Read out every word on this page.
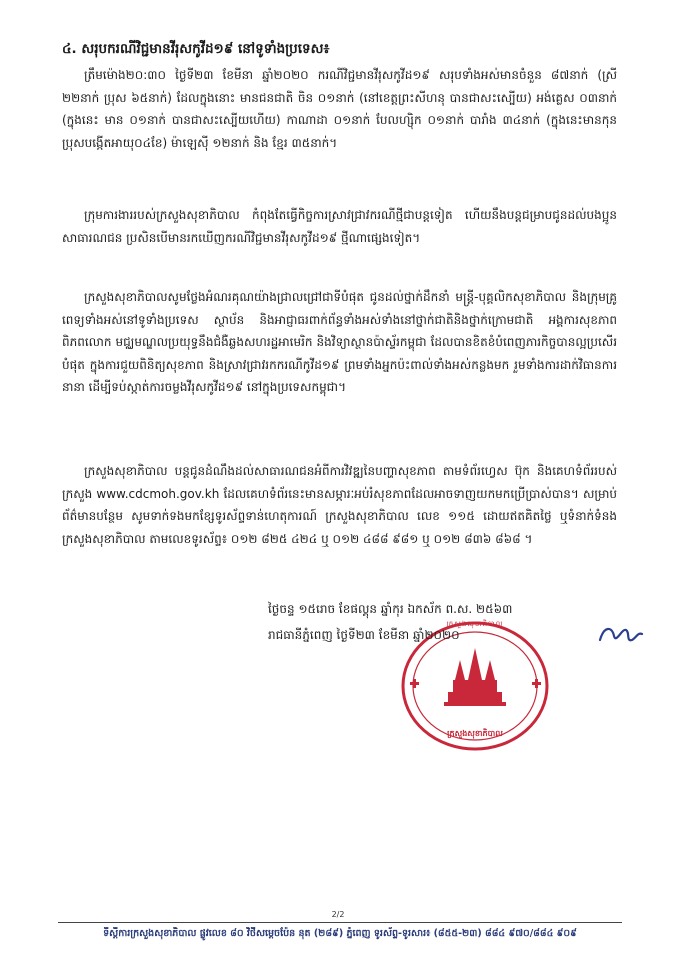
៤. សរុបករណីវិជ្ជមានវីរុសកូវីដ១៩ នៅទូទាំងប្រទេស៖

ត្រឹមម៉ោង២០:៣០ ថ្ងៃទី២៣ ខែមីនា ឆ្នាំ២០២០ ករណីវិជ្ជមានវីរុសកូវីដ១៩ សរុបទាំងអស់មានចំនួន ៨៧នាក់ (ស្រី ២២នាក់ ប្រុស ៦៥នាក់) ដែលក្នុងនោះ មានជនជាតិ ចិន ០១នាក់ (នៅខេត្តព្រះសីហនុ បានជាសះស្បើយ) អង់គ្លេស ០៣នាក់ (ក្នុងនេះ មាន ០១នាក់ បានជាសះស្បើយហើយ) កាណាដា ០១នាក់ បែលហ្ស៊ិក ០១នាក់ បារាំង ៣៤នាក់ (ក្នុងនេះមានកុនប្រុសបង្កើតអាយុ០៤ខែ) ម៉ាឡេស៊ី ១២នាក់ និង ខ្មែរ ៣៥នាក់។

ក្រុមការងាររបស់ក្រសួងសុខាភិបាល កំពុងតែធ្វើកិច្ចការស្រាវជ្រាវករណីថ្មីជាបន្តទៀត ហើយនឹងបន្តជម្រាបជូនដល់បងប្អូនសាធារណជន ប្រសិនបើមានរកឃើញករណីវិជ្ជមានវីរុសកូវីដ១៩ ថ្មីណាផ្សេងទៀត។

ក្រសួងសុខាភិបាលសូមថ្លែងអំណរគុណយ៉ាងជ្រាលជ្រៅជាទីបំផុត ជូនដល់ថ្នាក់ដឹកនាំ មន្ត្រី-បុគ្គលិកសុខាភិបាល និងក្រុមគ្រូពេទ្យទាំងអស់នៅទូទាំងប្រទេស ស្ថាប័ន និងអាជ្ញាធរពាក់ព័ន្ធទាំងអស់ទាំងនៅថ្នាក់ជាតិនិងថ្នាក់ក្រោមជាតិ អង្គការសុខភាពពិភពលោក មជ្ឈមណ្ឌលប្រយុទ្ធនឹងជំងឺឆ្លងសហរដ្ឋអាមេរិក និងវិទ្យាស្ថានប៉ាស្ទ័រកម្ពុជា ដែលបានខិតខំបំពេញភារកិច្ចបានល្អប្រសើរបំផុត ក្នុងការជួយពិនិត្យសុខភាព និងស្រាវជ្រាវរកករណីកូវីដ១៩ ព្រមទាំងអ្នកប៉ះពាល់ទាំងអស់កន្លងមក រួមទាំងការដាក់វិធានការនានា ដើម្បីទប់ស្កាត់ការចម្លងវីរុសកូវីដ១៩ នៅក្នុងប្រទេសកម្ពុជា។

ក្រសួងសុខាភិបាល បន្តជូនដំណឹងដល់សាធារណជនអំពីការវិវឌ្ឍនៃបញ្ហាសុខភាព តាមទំព័រហ្វេស ប៊ុក និងគេហទំព័ររបស់ក្រសួង www.cdcmoh.gov.kh ដែលគេហទំព័រនេះមានសម្ភារៈអប់រំសុខភាពដែលអាចទាញយកមកប្រើប្រាស់បាន។ សម្រាប់ព័ត៌មានបន្ថែម សូមទាក់ទងមកខ្សែទូរស័ព្ទទាន់ហេតុការណ៍ ក្រសួងសុខាភិបាល លេខ ១១៥ ដោយឥតគិតថ្លៃ ឬទំនាក់ទំនងក្រសួងសុខាភិបាល តាមលេខទូរស័ព្ទ៖ ០១២ ៨២៥ ៤២៤ ឬ ០១២ ៤៨៨ ៩៨១ ឬ ០១២ ៨៣៦ ៨៦៨ ។

ក្រសួងសុខាភិបាល
ក្រសួងសុខាភិបាល
ថ្ងៃចន្ទ ១៥រោច ខែផល្គុន ឆ្នាំកុរ ឯកស័ក ព.ស. ២៥៦៣
រាជធានីភ្នំពេញ ថ្ងៃទី២៣ ខែមីនា ឆ្នាំ២០២០
2/2
ទីស្តីការក្រសួងសុខាភិបាល ផ្លូវលេខ ៨០ វិថីសម្ដេចប៉ែន នុត (២៨៩) ភ្នំពេញ ទូរស័ព្ទ-ទូរសារ៖ (៨៥៥-២៣) ៨៨៤ ៩៧០/៨៨៤ ៩០៩
